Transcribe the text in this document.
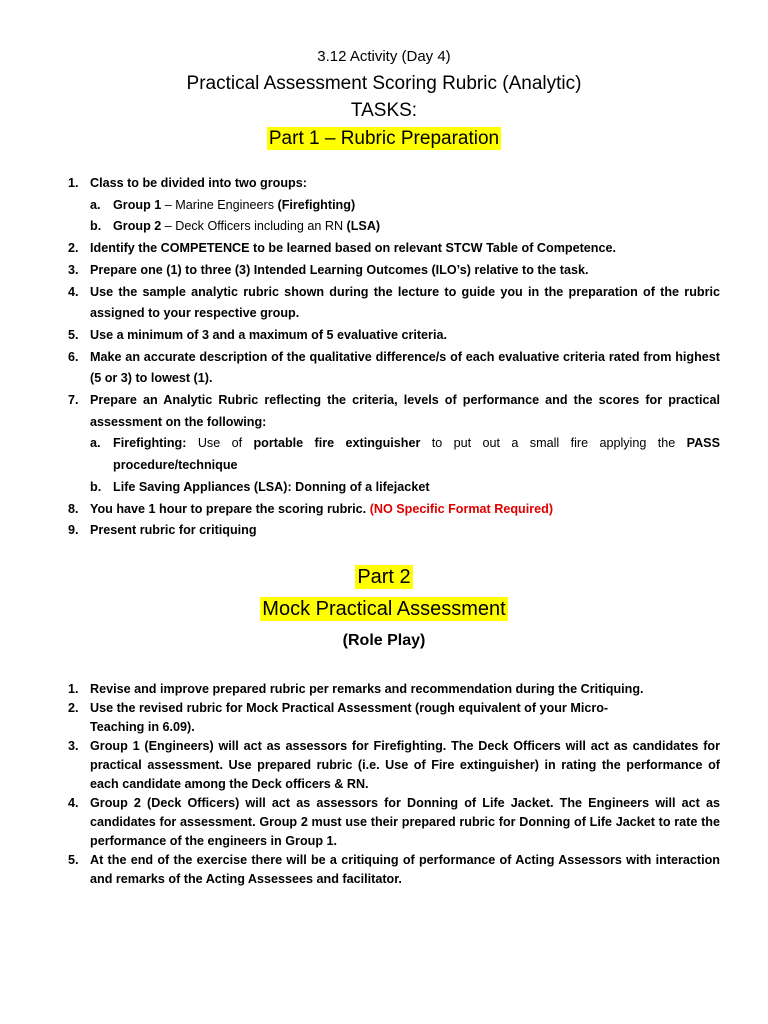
3.12 Activity (Day 4)
Practical Assessment Scoring Rubric (Analytic)
TASKS:
Part 1 – Rubric Preparation
1. Class to be divided into two groups:
a. Group 1 – Marine Engineers (Firefighting)
b. Group 2 – Deck Officers including an RN (LSA)
2. Identify the COMPETENCE to be learned based on relevant STCW Table of Competence.
3. Prepare one (1) to three (3) Intended Learning Outcomes (ILO’s) relative to the task.
4. Use the sample analytic rubric shown during the lecture to guide you in the preparation of the rubric assigned to your respective group.
5. Use a minimum of 3 and a maximum of 5 evaluative criteria.
6. Make an accurate description of the qualitative difference/s of each evaluative criteria rated from highest (5 or 3) to lowest (1).
7. Prepare an Analytic Rubric reflecting the criteria, levels of performance and the scores for practical assessment on the following:
a. Firefighting: Use of portable fire extinguisher to put out a small fire applying the PASS procedure/technique
b. Life Saving Appliances (LSA): Donning of a lifejacket
8. You have 1 hour to prepare the scoring rubric. (NO Specific Format Required)
9. Present rubric for critiquing
Part 2
Mock Practical Assessment
(Role Play)
1. Revise and improve prepared rubric per remarks and recommendation during the Critiquing.
2. Use the revised rubric for Mock Practical Assessment (rough equivalent of your Micro- Teaching in 6.09).
3. Group 1 (Engineers) will act as assessors for Firefighting. The Deck Officers will act as candidates for practical assessment. Use prepared rubric (i.e. Use of Fire extinguisher) in rating the performance of each candidate among the Deck officers & RN.
4. Group 2 (Deck Officers) will act as assessors for Donning of Life Jacket. The Engineers will act as candidates for assessment. Group 2 must use their prepared rubric for Donning of Life Jacket to rate the performance of the engineers in Group 1.
5. At the end of the exercise there will be a critiquing of performance of Acting Assessors with interaction and remarks of the Acting Assessees and facilitator.
